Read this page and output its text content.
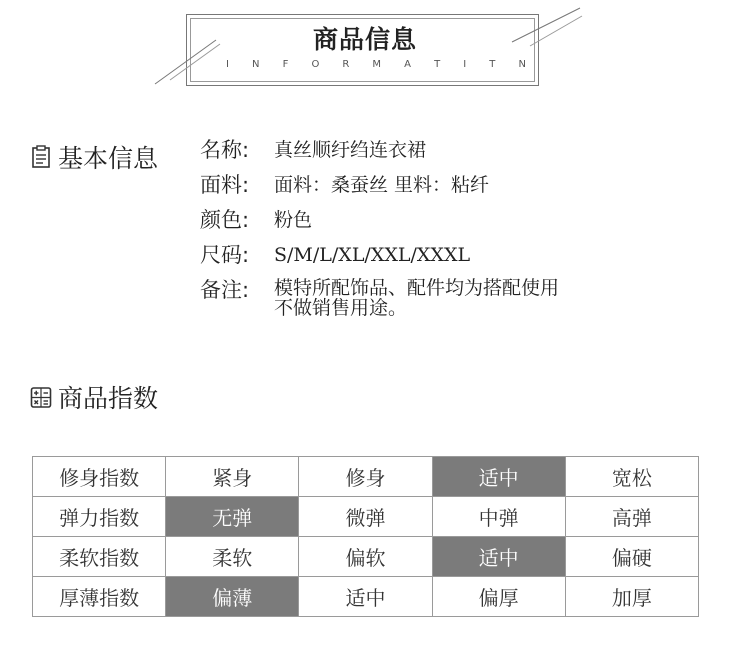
商品信息
I N F O R M A T I T N
基本信息 名称:	真丝顺纡绉连衣裙
面料:	面料：桑蚕丝 里料：粘纤
颜色:	粉色
尺码:	S/M/L/XL/XXL/XXXL
备注:	模特所配饰品、配件均为搭配使用
不做销售用途。
商品指数
修身指数	紧身	修身	适中	宽松
弹力指数	无弹	微弹	中弹	高弹
柔软指数	柔软	偏软	适中	偏硬
厚薄指数	偏薄	适中	偏厚	加厚
